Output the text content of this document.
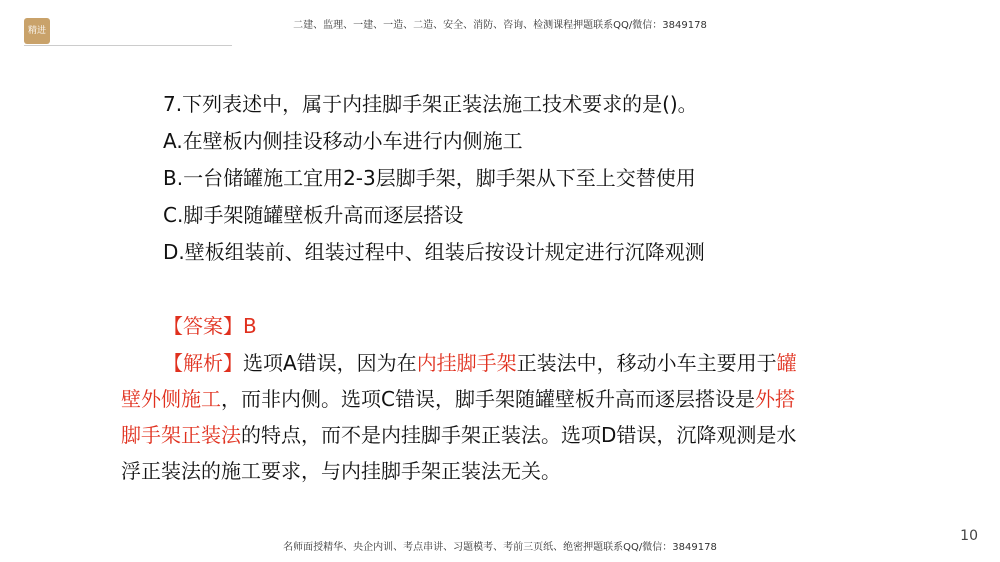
精进	二建、监理、一建、一造、二造、安全、消防、咨询、检测课程押题联系QQ/微信：3849178
7.下列表述中，属于内挂脚手架正装法施工技术要求的是()。
A.在壁板内侧挂设移动小车进行内侧施工
B.一台储罐施工宜用2-3层脚手架，脚手架从下至上交替使用
C.脚手架随罐壁板升高而逐层搭设
D.壁板组装前、组装过程中、组装后按设计规定进行沉降观测
【答案】B
【解析】选项A错误，因为在内挂脚手架正装法中，移动小车主要用于罐壁外侧施工，而非内侧。选项C错误，脚手架随罐壁板升高而逐层搭设是外搭脚手架正装法的特点，而不是内挂脚手架正装法。选项D错误，沉降观测是水浮正装法的施工要求，与内挂脚手架正装法无关。
名师面授精华、央企内训、考点串讲、习题模考、考前三页纸、绝密押题联系QQ/微信：3849178
10
